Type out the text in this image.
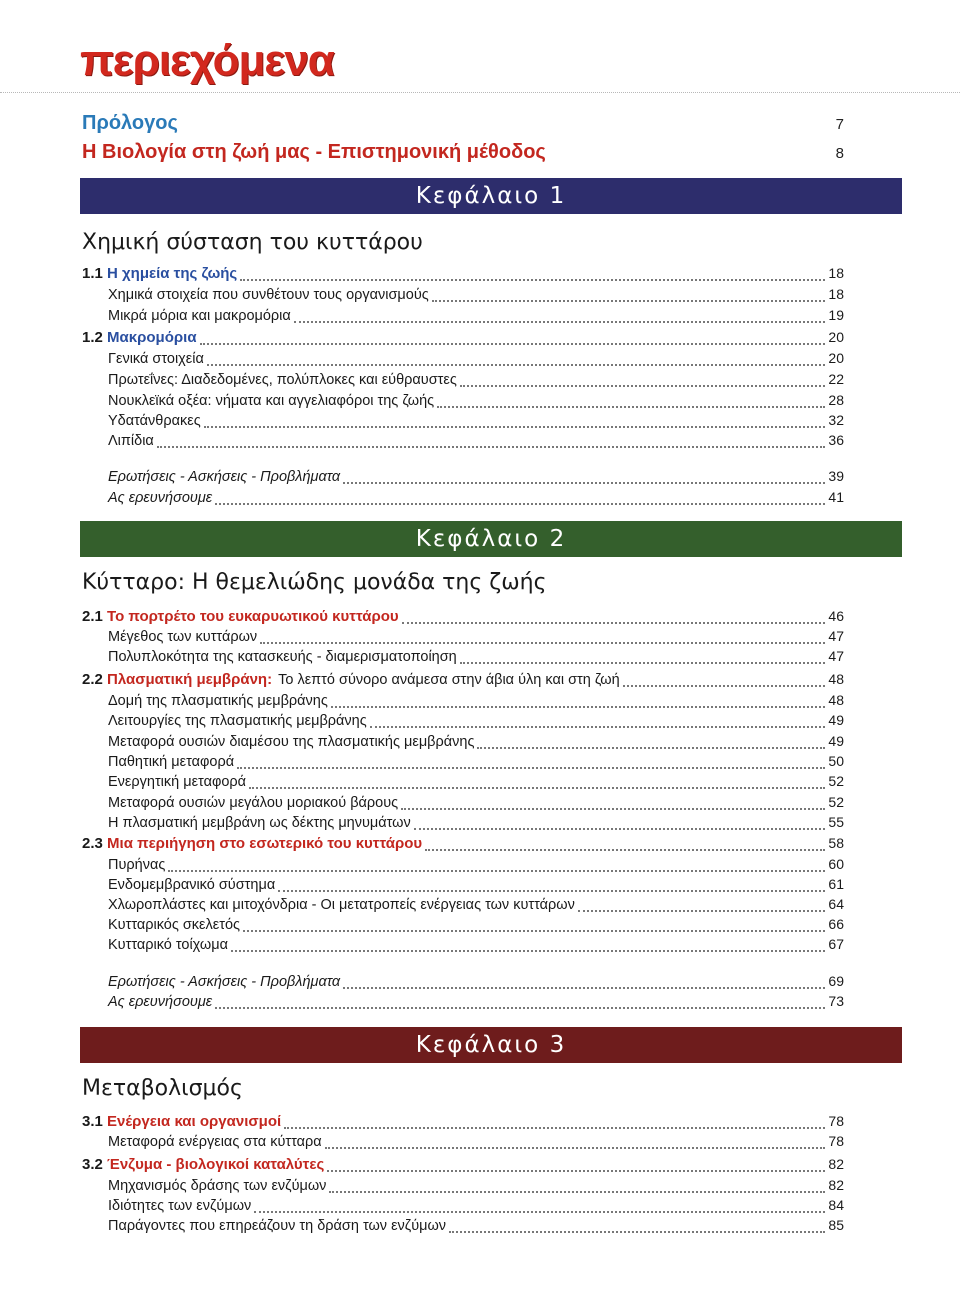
περιεχόμενα
Πρόλογος	7
Η Βιολογία στη ζωή μας - Επιστημονική μέθοδος	8
Κεφάλαιο 1
Χημική σύσταση του κυττάρου
1.1 Η χημεία της ζωής	18
Χημικά στοιχεία που συνθέτουν τους οργανισμούς	18
Μικρά μόρια και μακρομόρια	19
1.2 Μακρομόρια	20
Γενικά στοιχεία	20
Πρωτεΐνες: Διαδεδομένες, πολύπλοκες και εύθραυστες	22
Νουκλεϊκά οξέα: νήματα και αγγελιαφόροι της ζωής	28
Υδατάνθρακες	32
Λιπίδια	36
Ερωτήσεις - Ασκήσεις - Προβλήματα	39
Ας ερευνήσουμε	41
Κεφάλαιο 2
Κύτταρο: Η θεμελιώδης μονάδα της ζωής
2.1 Το πορτρέτο του ευκαρυωτικού κυττάρου	46
Μέγεθος των κυττάρων	47
Πολυπλοκότητα της κατασκευής - διαμερισματοποίηση	47
2.2 Πλασματική μεμβράνη: Το λεπτό σύνορο ανάμεσα στην άβια ύλη και στη ζωή	48
Δομή της πλασματικής μεμβράνης	48
Λειτουργίες της πλασματικής μεμβράνης	49
Μεταφορά ουσιών διαμέσου της πλασματικής μεμβράνης	49
Παθητική μεταφορά	50
Ενεργητική μεταφορά	52
Μεταφορά ουσιών μεγάλου μοριακού βάρους	52
Η πλασματική μεμβράνη ως δέκτης μηνυμάτων	55
2.3 Μια περιήγηση στο εσωτερικό του κυττάρου	58
Πυρήνας	60
Ενδομεμβρανικό σύστημα	61
Χλωροπλάστες και μιτοχόνδρια - Οι μετατροπείς ενέργειας των κυττάρων	64
Κυτταρικός σκελετός	66
Κυτταρικό τοίχωμα	67
Ερωτήσεις - Ασκήσεις - Προβλήματα	69
Ας ερευνήσουμε	73
Κεφάλαιο 3
Μεταβολισμός
3.1 Ενέργεια και οργανισμοί	78
Μεταφορά ενέργειας στα κύτταρα	78
3.2 Ένζυμα - βιολογικοί καταλύτες	82
Μηχανισμός δράσης των ενζύμων	82
Ιδιότητες των ενζύμων	84
Παράγοντες που επηρεάζουν τη δράση των ενζύμων	85
